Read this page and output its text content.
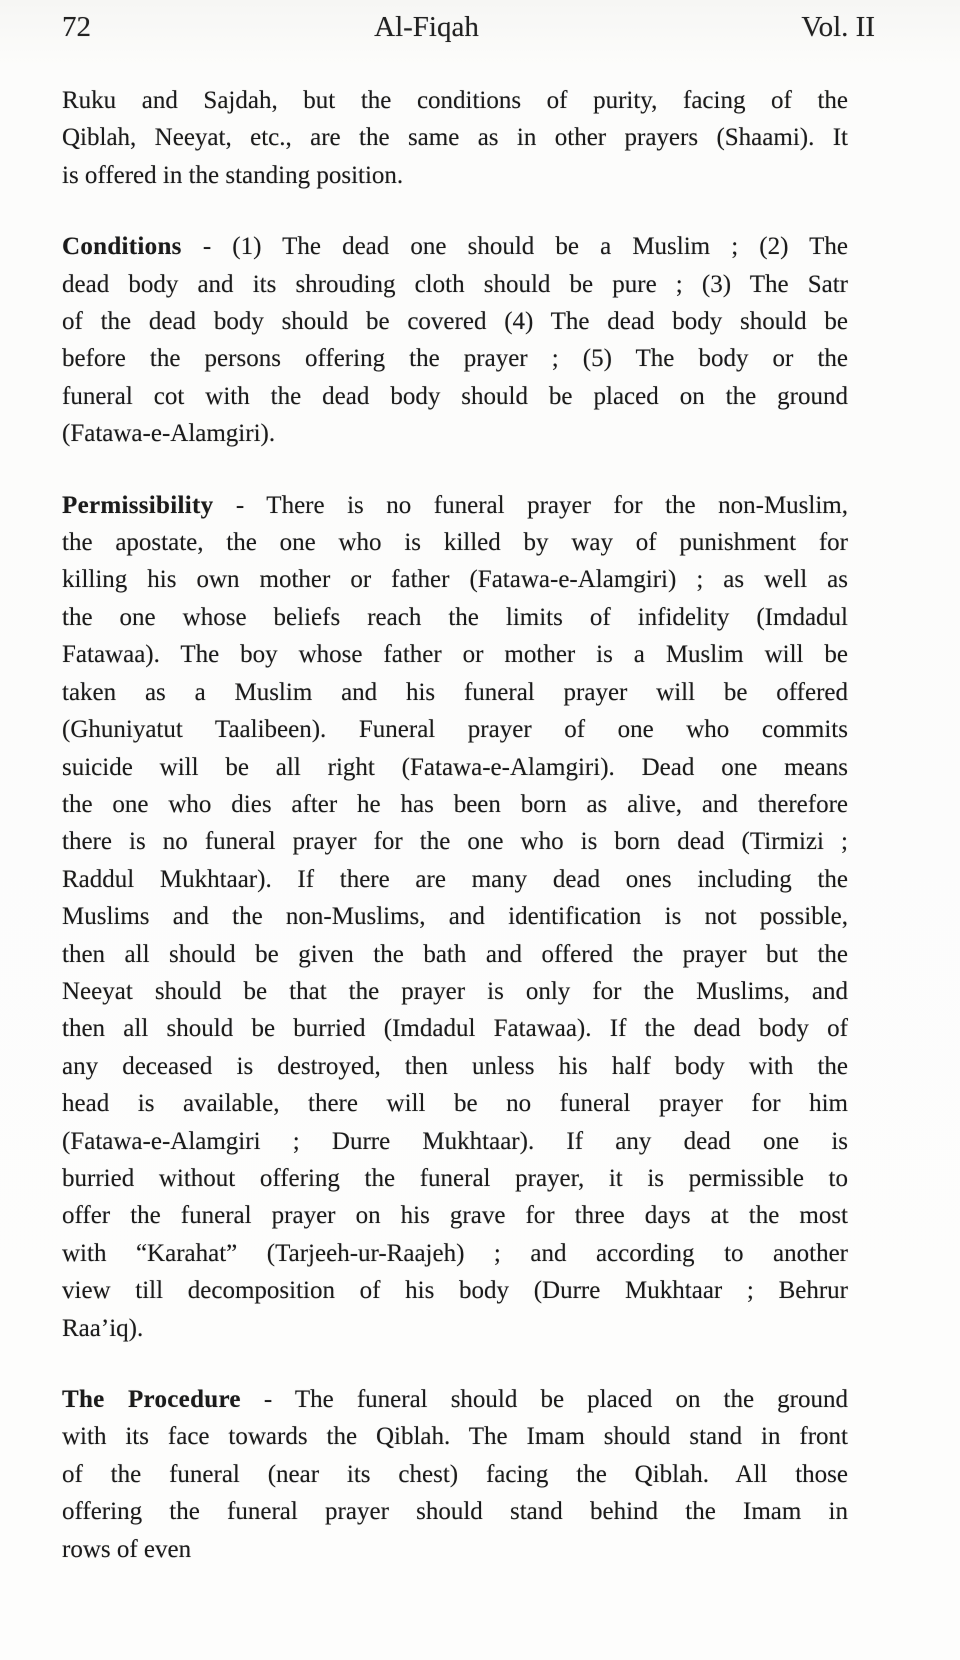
72	Al-Fiqah	Vol. II
Ruku and Sajdah, but the conditions of purity, facing of the
Qiblah, Neeyat, etc., are the same as in other prayers (Shaami). It
is offered in the standing position.
Conditions - (1) The dead one should be a Muslim ; (2) The
dead body and its shrouding cloth should be pure ; (3) The Satr
of the dead body should be covered (4) The dead body should be
before the persons offering the prayer ; (5) The body or the
funeral cot with the dead body should be placed on the ground
(Fatawa-e-Alamgiri).
Permissibility - There is no funeral prayer for the non-Muslim,
the apostate, the one who is killed by way of punishment for
killing his own mother or father (Fatawa-e-Alamgiri) ; as well as
the one whose beliefs reach the limits of infidelity (Imdadul
Fatawaa). The boy whose father or mother is a Muslim will be
taken as a Muslim and his funeral prayer will be offered
(Ghuniyatut Taalibeen). Funeral prayer of one who commits
suicide will be all right (Fatawa-e-Alamgiri). Dead one means
the one who dies after he has been born as alive, and therefore
there is no funeral prayer for the one who is born dead (Tirmizi ;
Raddul Mukhtaar). If there are many dead ones including the
Muslims and the non-Muslims, and identification is not possible,
then all should be given the bath and offered the prayer but the
Neeyat should be that the prayer is only for the Muslims, and
then all should be burried (Imdadul Fatawaa). If the dead body of
any deceased is destroyed, then unless his half body with the
head is available, there will be no funeral prayer for him
(Fatawa-e-Alamgiri ; Durre Mukhtaar). If any dead one is
burried without offering the funeral prayer, it is permissible to
offer the funeral prayer on his grave for three days at the most
with “Karahat” (Tarjeeh-ur-Raajeh) ; and according to another
view till decomposition of his body (Durre Mukhtaar ; Behrur
Raa’iq).
The Procedure - The funeral should be placed on the ground
with its face towards the Qiblah. The Imam should stand in front
of the funeral (near its chest) facing the Qiblah. All those
offering the funeral prayer should stand behind the Imam in
rows of even
